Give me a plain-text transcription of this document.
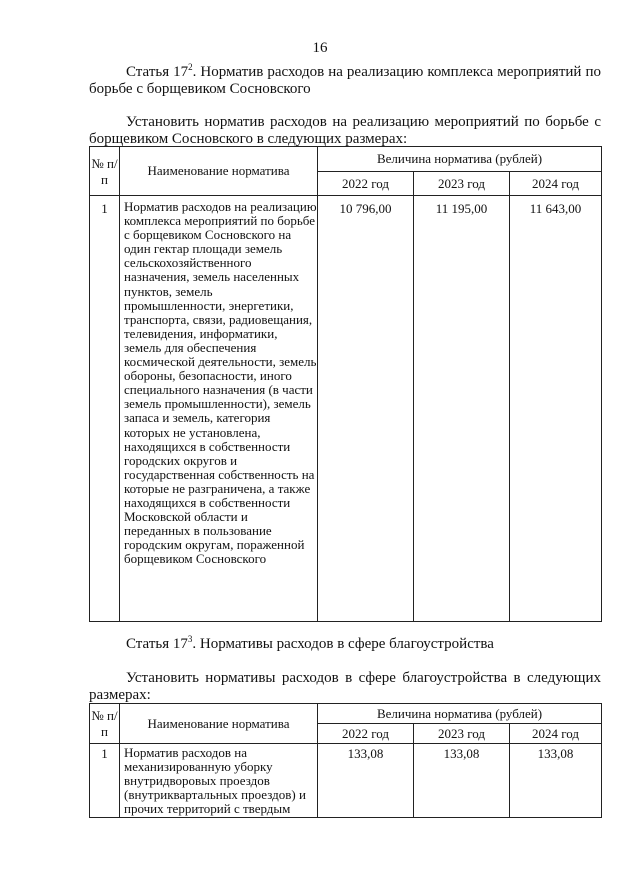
16
Статья $17^2$. Норматив расходов на реализацию комплекса мероприятий по борьбе с борщевиком Сосновского
Установить норматив расходов на реализацию мероприятий по борьбе с борщевиком Сосновского в следующих размерах:
№ п/п	Наименование норматива	Величина норматива (рублей)		
		2022 год	2023 год	2024 год
1	Норматив расходов на реализацию комплекса мероприятий по борьбе с борщевиком Сосновского на один гектар площади земель сельскохозяйственного назначения, земель населенных пунктов, земель промышленности, энергетики, транспорта, связи, радиовещания, телевидения, информатики, земель для обеспечения космической деятельности, земель обороны, безопасности, иного специального назначения (в части земель промышленности), земель запаса и земель, категория которых не установлена, находящихся в собственности городских округов и государственная собственность на которые не разграничена, а также находящихся в собственности Московской области и переданных в пользование городским округам, пораженной борщевиком Сосновского	10 796,00	11 195,00	11 643,00
Статья $17^3$. Нормативы расходов в сфере благоустройства
Установить нормативы расходов в сфере благоустройства в следующих размерах:
№ п/п	Наименование норматива	Величина норматива (рублей)		
		2022 год	2023 год	2024 год
1	Норматив расходов на механизированную уборку внутридворовых проездов (внутриквартальных проездов) и прочих территорий с твердым	133,08	133,08	133,08
